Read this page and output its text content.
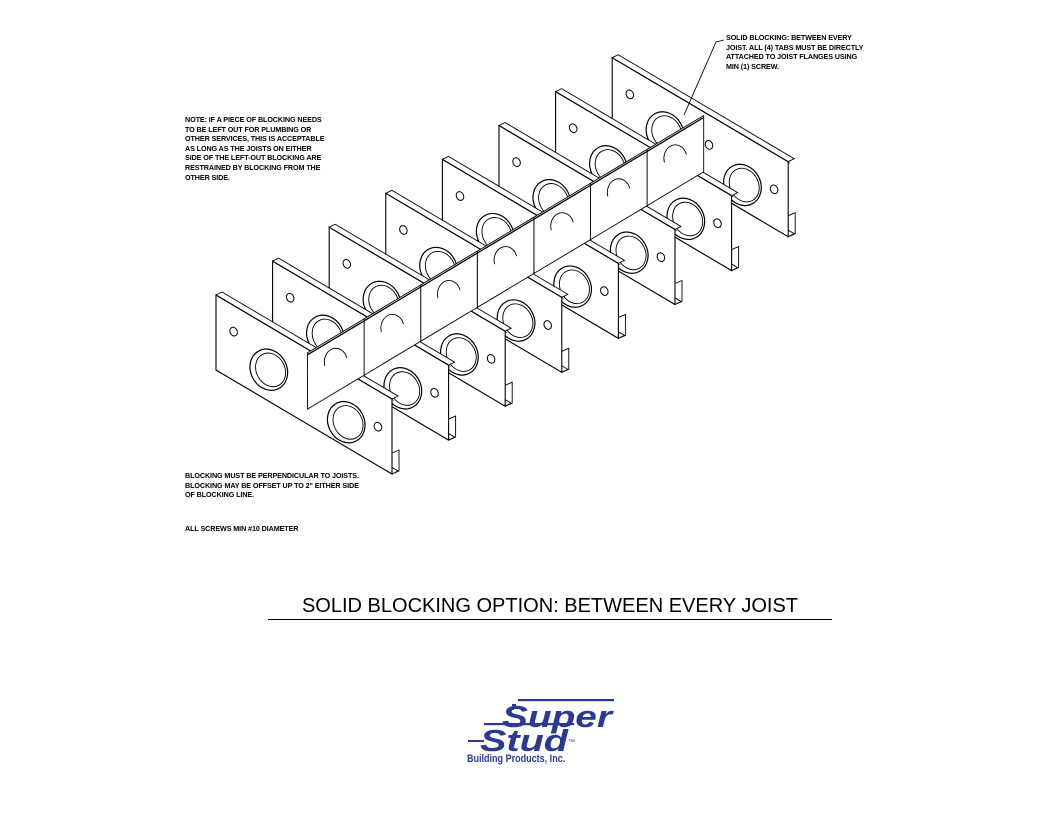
SOLID BLOCKING: BETWEEN EVERY
JOIST. ALL (4) TABS MUST BE DIRECTLY
ATTACHED TO JOIST FLANGES USING
MIN (1) SCREW.
NOTE: IF A PIECE OF BLOCKING NEEDS
TO BE LEFT OUT FOR PLUMBING OR
OTHER SERVICES, THIS IS ACCEPTABLE
AS LONG AS THE JOISTS ON EITHER
SIDE OF THE LEFT-OUT BLOCKING ARE
RESTRAINED BY BLOCKING FROM THE
OTHER SIDE.
BLOCKING MUST BE PERPENDICULAR TO JOISTS.
BLOCKING MAY BE OFFSET UP TO 2" EITHER SIDE
OF BLOCKING LINE.
ALL SCREWS MIN #10 DIAMETER
SOLID BLOCKING OPTION: BETWEEN EVERY JOIST
Super
Stud
™
Building Products, Inc.
